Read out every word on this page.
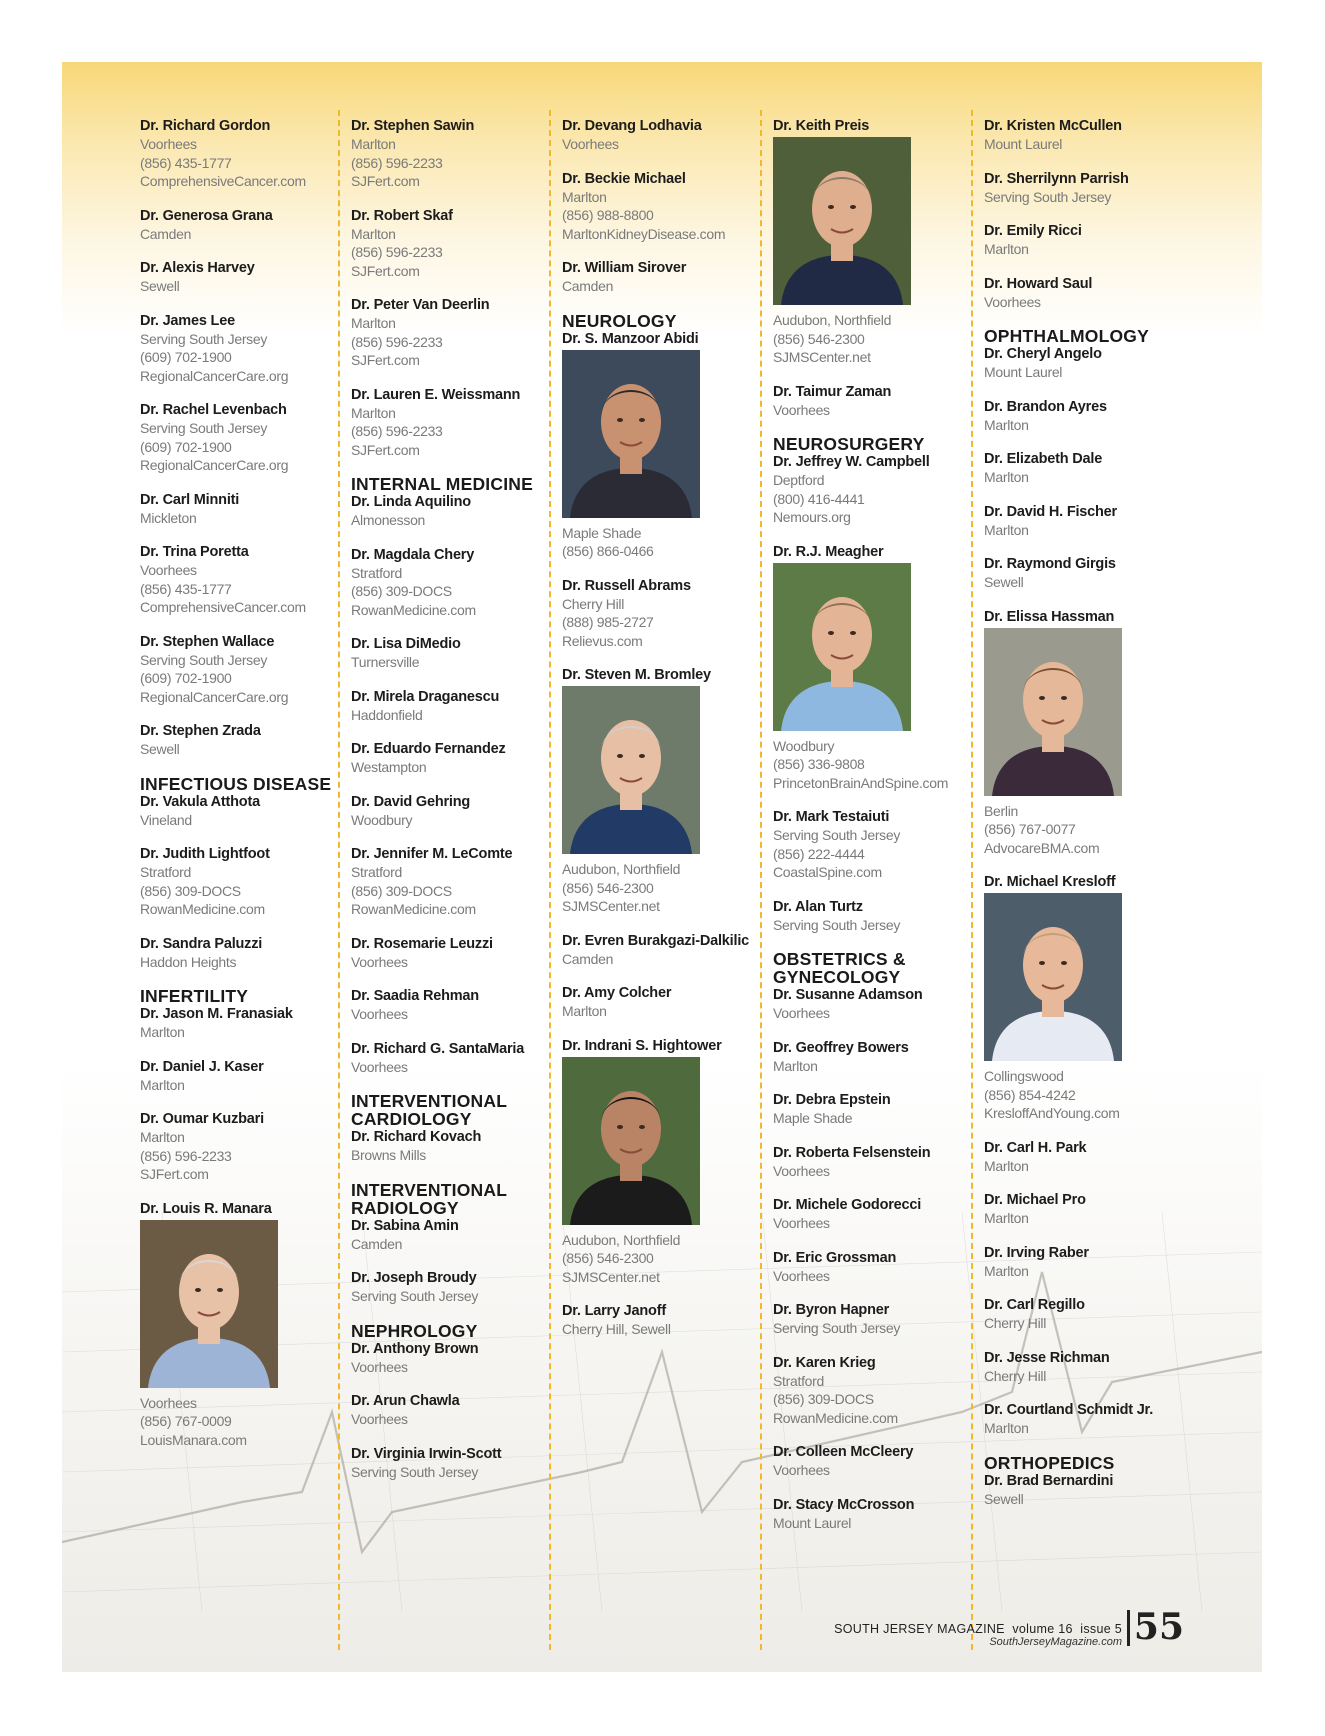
Dr. Richard Gordon
Voorhees
(856) 435-1777
ComprehensiveCancer.com
Dr. Generosa Grana
Camden
Dr. Alexis Harvey
Sewell
Dr. James Lee
Serving South Jersey
(609) 702-1900
RegionalCancerCare.org
Dr. Rachel Levenbach
Serving South Jersey
(609) 702-1900
RegionalCancerCare.org
Dr. Carl Minniti
Mickleton
Dr. Trina Poretta
Voorhees
(856) 435-1777
ComprehensiveCancer.com
Dr. Stephen Wallace
Serving South Jersey
(609) 702-1900
RegionalCancerCare.org
Dr. Stephen Zrada
Sewell
INFECTIOUS DISEASE
Dr. Vakula Atthota
Vineland
Dr. Judith Lightfoot
Stratford
(856) 309-DOCS
RowanMedicine.com
Dr. Sandra Paluzzi
Haddon Heights
INFERTILITY
Dr. Jason M. Franasiak
Marlton
Dr. Daniel J. Kaser
Marlton
Dr. Oumar Kuzbari
Marlton
(856) 596-2233
SJFert.com
Dr. Louis R. Manara
Voorhees
(856) 767-0009
LouisManara.com
Dr. Stephen Sawin
Marlton
(856) 596-2233
SJFert.com
Dr. Robert Skaf
Marlton
(856) 596-2233
SJFert.com
Dr. Peter Van Deerlin
Marlton
(856) 596-2233
SJFert.com
Dr. Lauren E. Weissmann
Marlton
(856) 596-2233
SJFert.com
INTERNAL MEDICINE
Dr. Linda Aquilino
Almonesson
Dr. Magdala Chery
Stratford
(856) 309-DOCS
RowanMedicine.com
Dr. Lisa DiMedio
Turnersville
Dr. Mirela Draganescu
Haddonfield
Dr. Eduardo Fernandez
Westampton
Dr. David Gehring
Woodbury
Dr. Jennifer M. LeComte
Stratford
(856) 309-DOCS
RowanMedicine.com
Dr. Rosemarie Leuzzi
Voorhees
Dr. Saadia Rehman
Voorhees
Dr. Richard G. SantaMaria
Voorhees
INTERVENTIONAL CARDIOLOGY
Dr. Richard Kovach
Browns Mills
INTERVENTIONAL RADIOLOGY
Dr. Sabina Amin
Camden
Dr. Joseph Broudy
Serving South Jersey
NEPHROLOGY
Dr. Anthony Brown
Voorhees
Dr. Arun Chawla
Voorhees
Dr. Virginia Irwin-Scott
Serving South Jersey
Dr. Devang Lodhavia
Voorhees
Dr. Beckie Michael
Marlton
(856) 988-8800
MarltonKidneyDisease.com
Dr. William Sirover
Camden
NEUROLOGY
Dr. S. Manzoor Abidi
Maple Shade
(856) 866-0466
Dr. Russell Abrams
Cherry Hill
(888) 985-2727
Relievus.com
Dr. Steven M. Bromley
Audubon, Northfield
(856) 546-2300
SJMSCenter.net
Dr. Evren Burakgazi-Dalkilic
Camden
Dr. Amy Colcher
Marlton
Dr. Indrani S. Hightower
Audubon, Northfield
(856) 546-2300
SJMSCenter.net
Dr. Larry Janoff
Cherry Hill, Sewell
Dr. Keith Preis
Audubon, Northfield
(856) 546-2300
SJMSCenter.net
Dr. Taimur Zaman
Voorhees
NEUROSURGERY
Dr. Jeffrey W. Campbell
Deptford
(800) 416-4441
Nemours.org
Dr. R.J. Meagher
Woodbury
(856) 336-9808
PrincetonBrainAndSpine.com
Dr. Mark Testaiuti
Serving South Jersey
(856) 222-4444
CoastalSpine.com
Dr. Alan Turtz
Serving South Jersey
OBSTETRICS & GYNECOLOGY
Dr. Susanne Adamson
Voorhees
Dr. Geoffrey Bowers
Marlton
Dr. Debra Epstein
Maple Shade
Dr. Roberta Felsenstein
Voorhees
Dr. Michele Godorecci
Voorhees
Dr. Eric Grossman
Voorhees
Dr. Byron Hapner
Serving South Jersey
Dr. Karen Krieg
Stratford
(856) 309-DOCS
RowanMedicine.com
Dr. Colleen McCleery
Voorhees
Dr. Stacy McCrosson
Mount Laurel
Dr. Kristen McCullen
Mount Laurel
Dr. Sherrilynn Parrish
Serving South Jersey
Dr. Emily Ricci
Marlton
Dr. Howard Saul
Voorhees
OPHTHALMOLOGY
Dr. Cheryl Angelo
Mount Laurel
Dr. Brandon Ayres
Marlton
Dr. Elizabeth Dale
Marlton
Dr. David H. Fischer
Marlton
Dr. Raymond Girgis
Sewell
Dr. Elissa Hassman
Berlin
(856) 767-0077
AdvocareBMA.com
Dr. Michael Kresloff
Collingswood
(856) 854-4242
KresloffAndYoung.com
Dr. Carl H. Park
Marlton
Dr. Michael Pro
Marlton
Dr. Irving Raber
Marlton
Dr. Carl Regillo
Cherry Hill
Dr. Jesse Richman
Cherry Hill
Dr. Courtland Schmidt Jr.
Marlton
ORTHOPEDICS
Dr. Brad Bernardini
Sewell
SOUTH JERSEY MAGAZINE volume 16 issue 5
SouthJerseyMagazine.com 55
